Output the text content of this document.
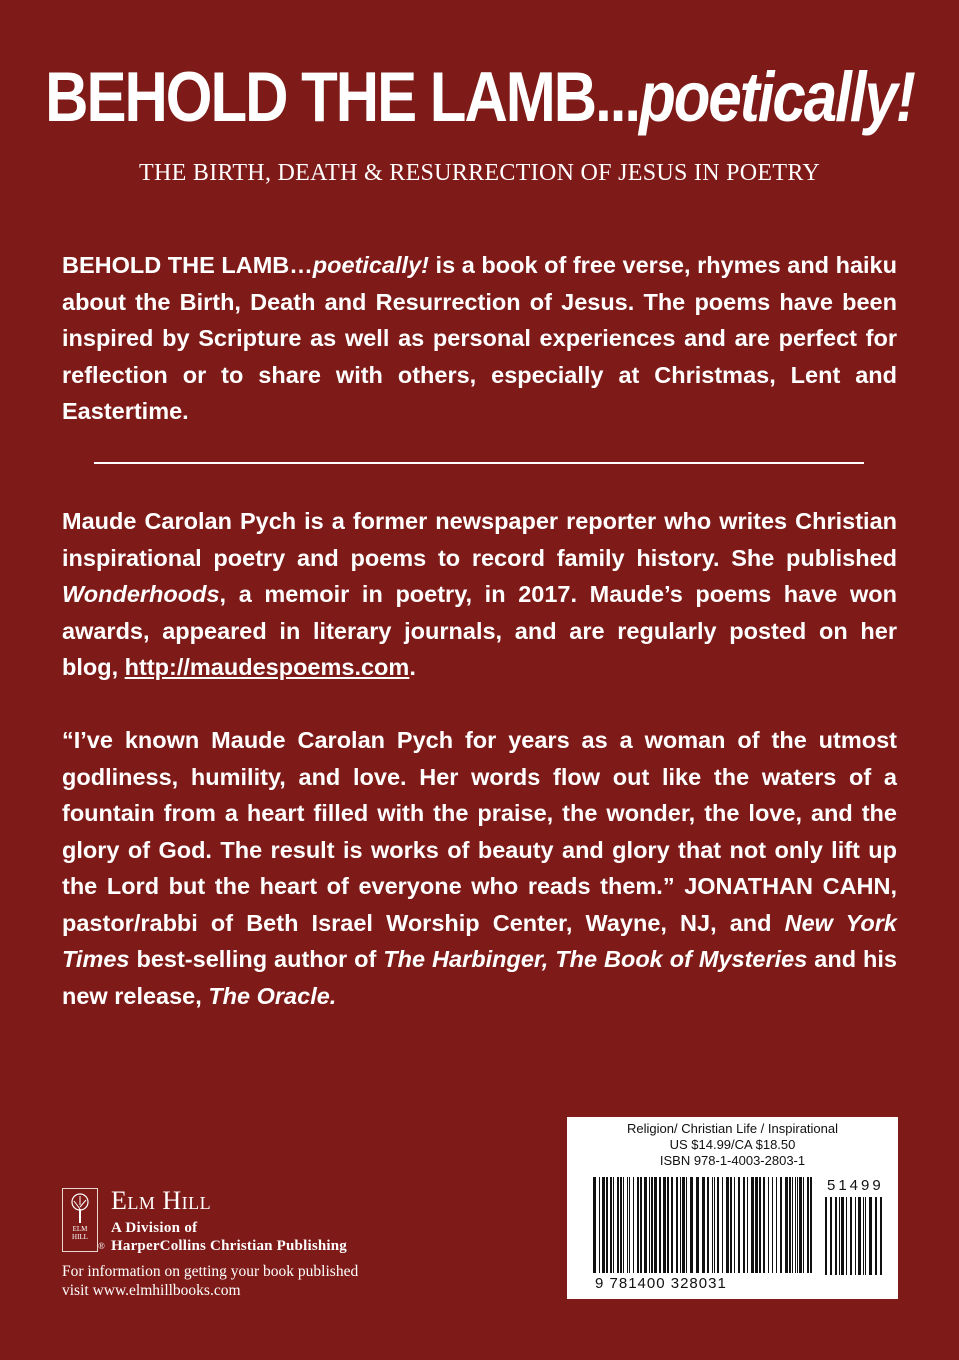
BEHOLD THE LAMB...poetically!
THE BIRTH, DEATH & RESURRECTION OF JESUS IN POETRY

BEHOLD THE LAMB…poetically! is a book of free verse, rhymes and haiku about the Birth, Death and Resurrection of Jesus. The poems have been inspired by Scripture as well as personal experiences and are perfect for reflection or to share with others, especially at Christmas, Lent and Eastertime.

Maude Carolan Pych is a former newspaper reporter who writes Christian inspirational poetry and poems to record family history. She published Wonderhoods, a memoir in poetry, in 2017. Maude’s poems have won awards, appeared in literary journals, and are regularly posted on her blog, http://maudespoems.com.

“I’ve known Maude Carolan Pych for years as a woman of the utmost godliness, humility, and love. Her words flow out like the waters of a fountain from a heart filled with the praise, the wonder, the love, and the glory of God. The result is works of beauty and glory that not only lift up the Lord but the heart of everyone who reads them.” JONATHAN CAHN, pastor/rabbi of Beth Israel Worship Center, Wayne, NJ, and New York Times best-selling author of The Harbinger, The Book of Mysteries and his new release, The Oracle.

ELM
HILL
®
Elm Hill
A Division of
HarperCollins Christian Publishing
For information on getting your book published
visit www.elmhillbooks.com
Religion/ Christian Life / Inspirational
US $14.99/CA $18.50
ISBN 978-1-4003-2803-1
51499
9 781400 328031
